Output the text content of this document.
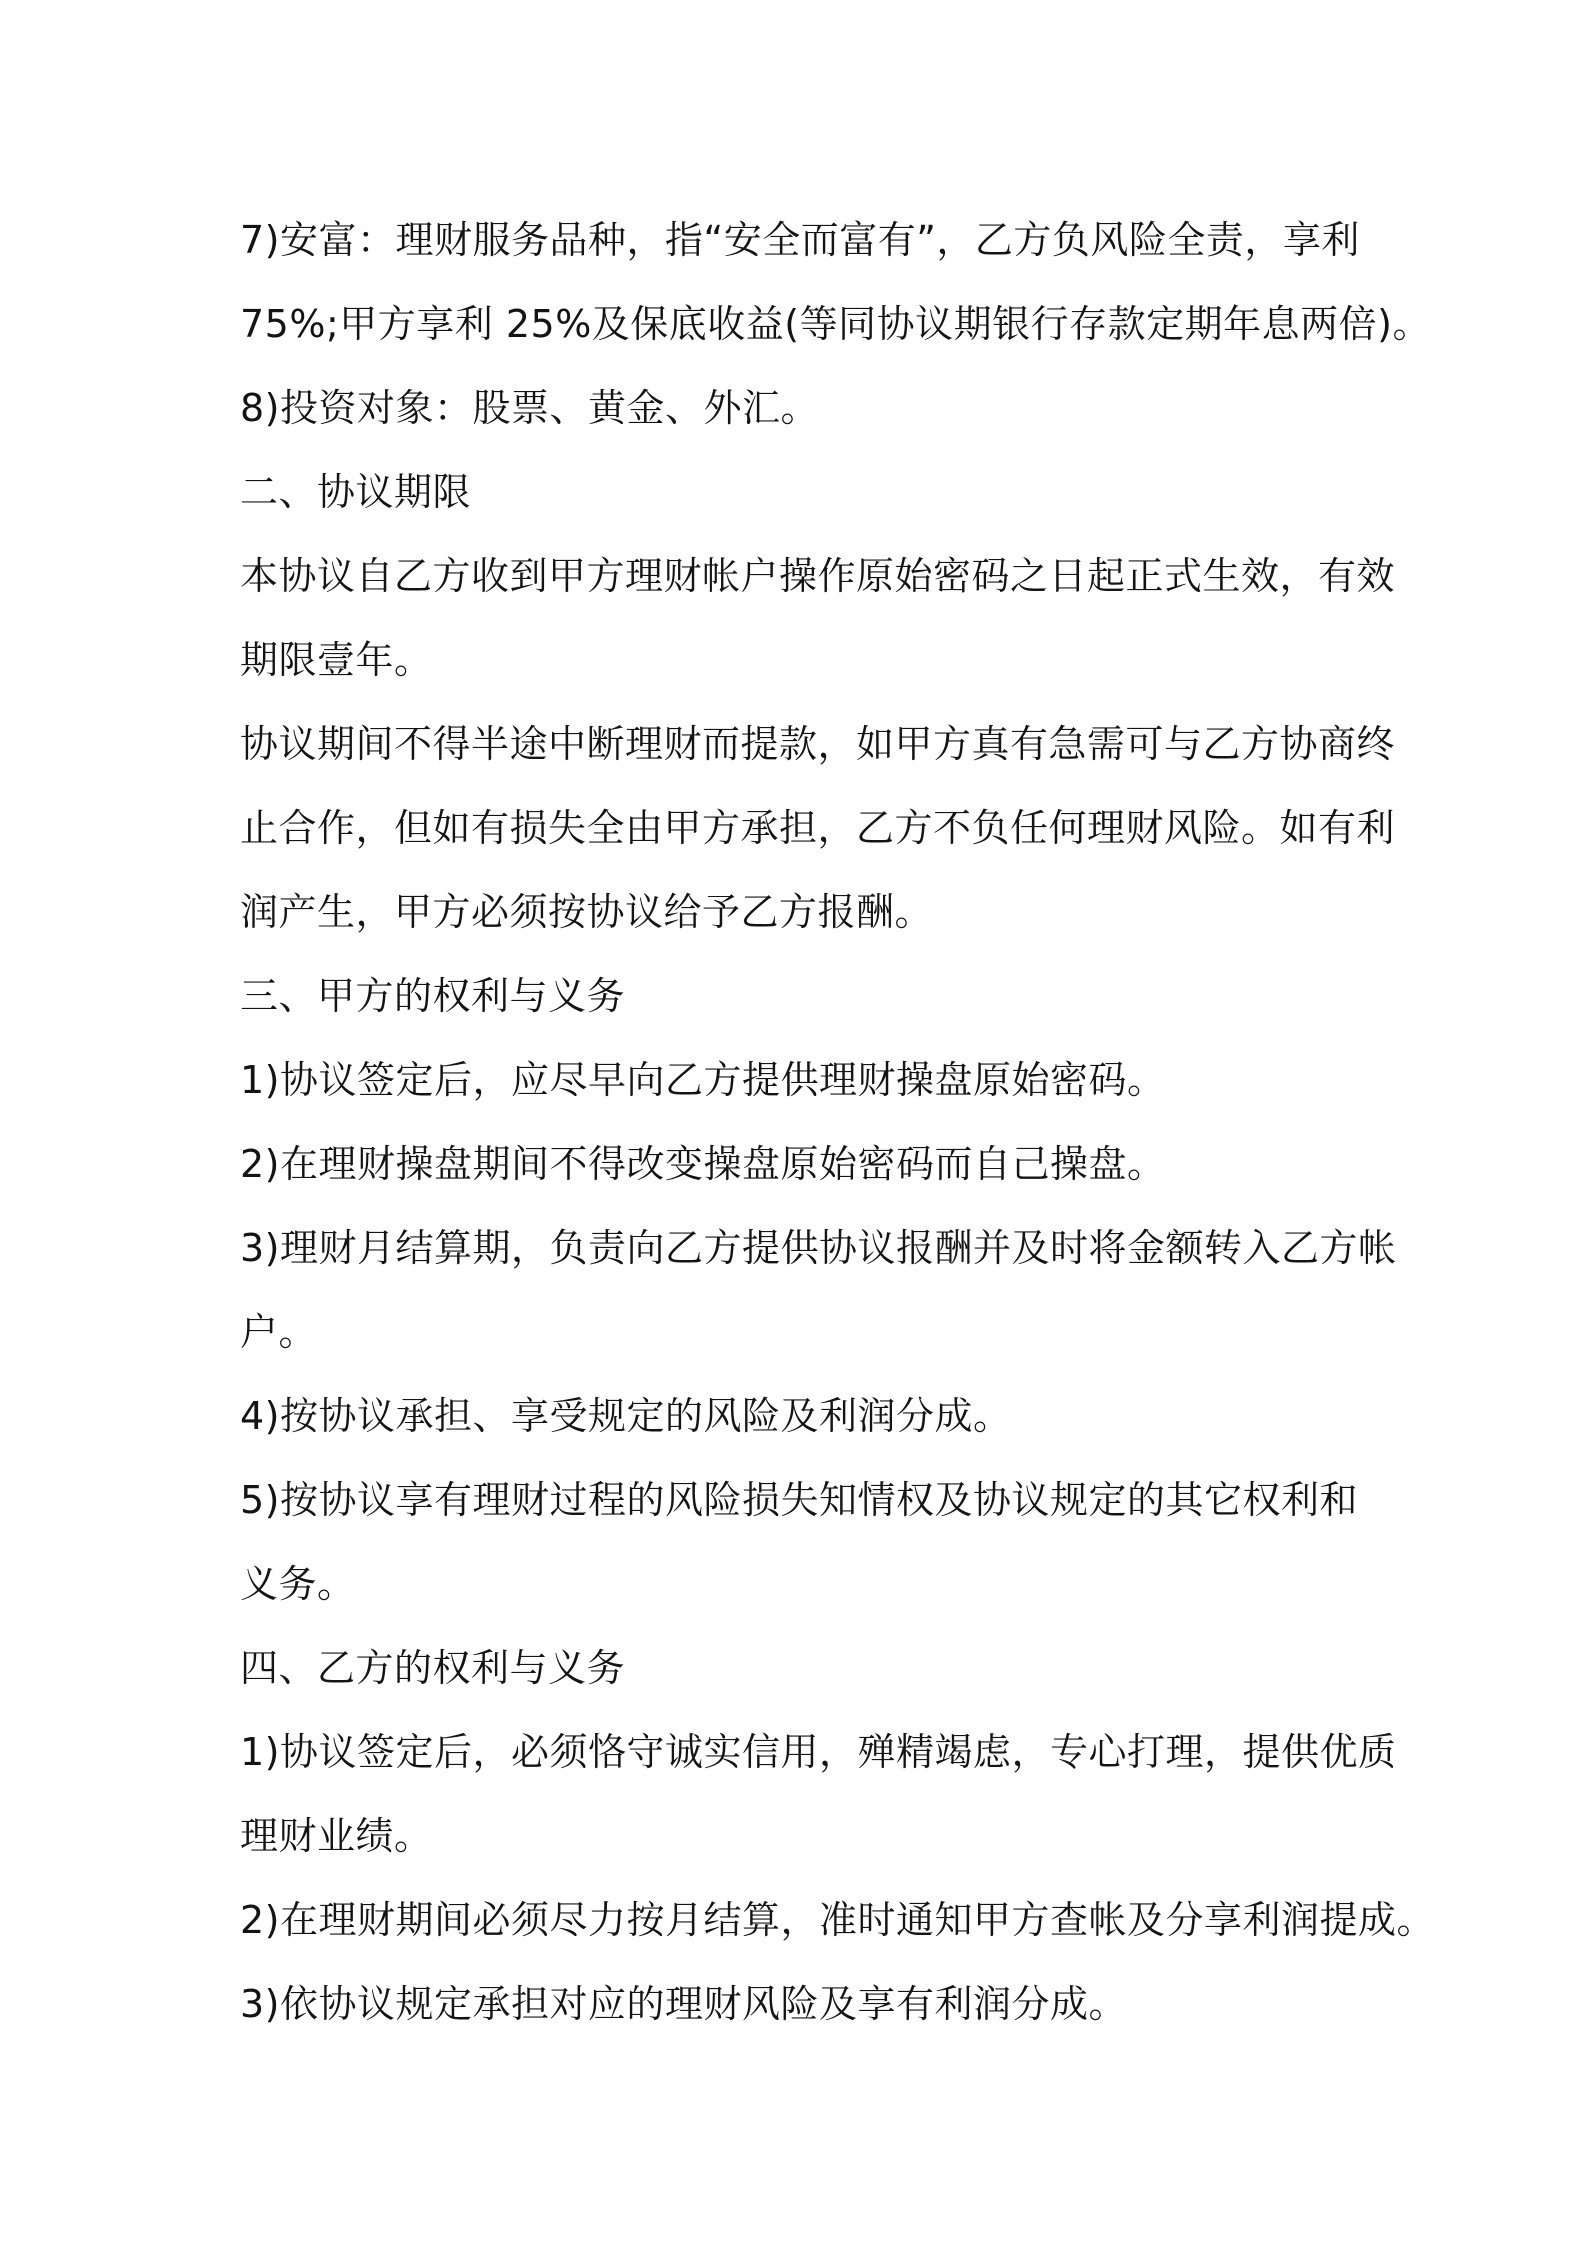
7)安富：理财服务品种，指“安全而富有”，乙方负风险全责，享利
75%;甲方享利 25%及保底收益(等同协议期银行存款定期年息两倍)。
8)投资对象：股票、黄金、外汇。
二、协议期限
本协议自乙方收到甲方理财帐户操作原始密码之日起正式生效，有效
期限壹年。
协议期间不得半途中断理财而提款，如甲方真有急需可与乙方协商终
止合作，但如有损失全由甲方承担，乙方不负任何理财风险。如有利
润产生，甲方必须按协议给予乙方报酬。
三、甲方的权利与义务
1)协议签定后，应尽早向乙方提供理财操盘原始密码。
2)在理财操盘期间不得改变操盘原始密码而自己操盘。
3)理财月结算期，负责向乙方提供协议报酬并及时将金额转入乙方帐
户。
4)按协议承担、享受规定的风险及利润分成。
5)按协议享有理财过程的风险损失知情权及协议规定的其它权利和
义务。
四、乙方的权利与义务
1)协议签定后，必须恪守诚实信用，殚精竭虑，专心打理，提供优质
理财业绩。
2)在理财期间必须尽力按月结算，准时通知甲方查帐及分享利润提成。
3)依协议规定承担对应的理财风险及享有利润分成。
